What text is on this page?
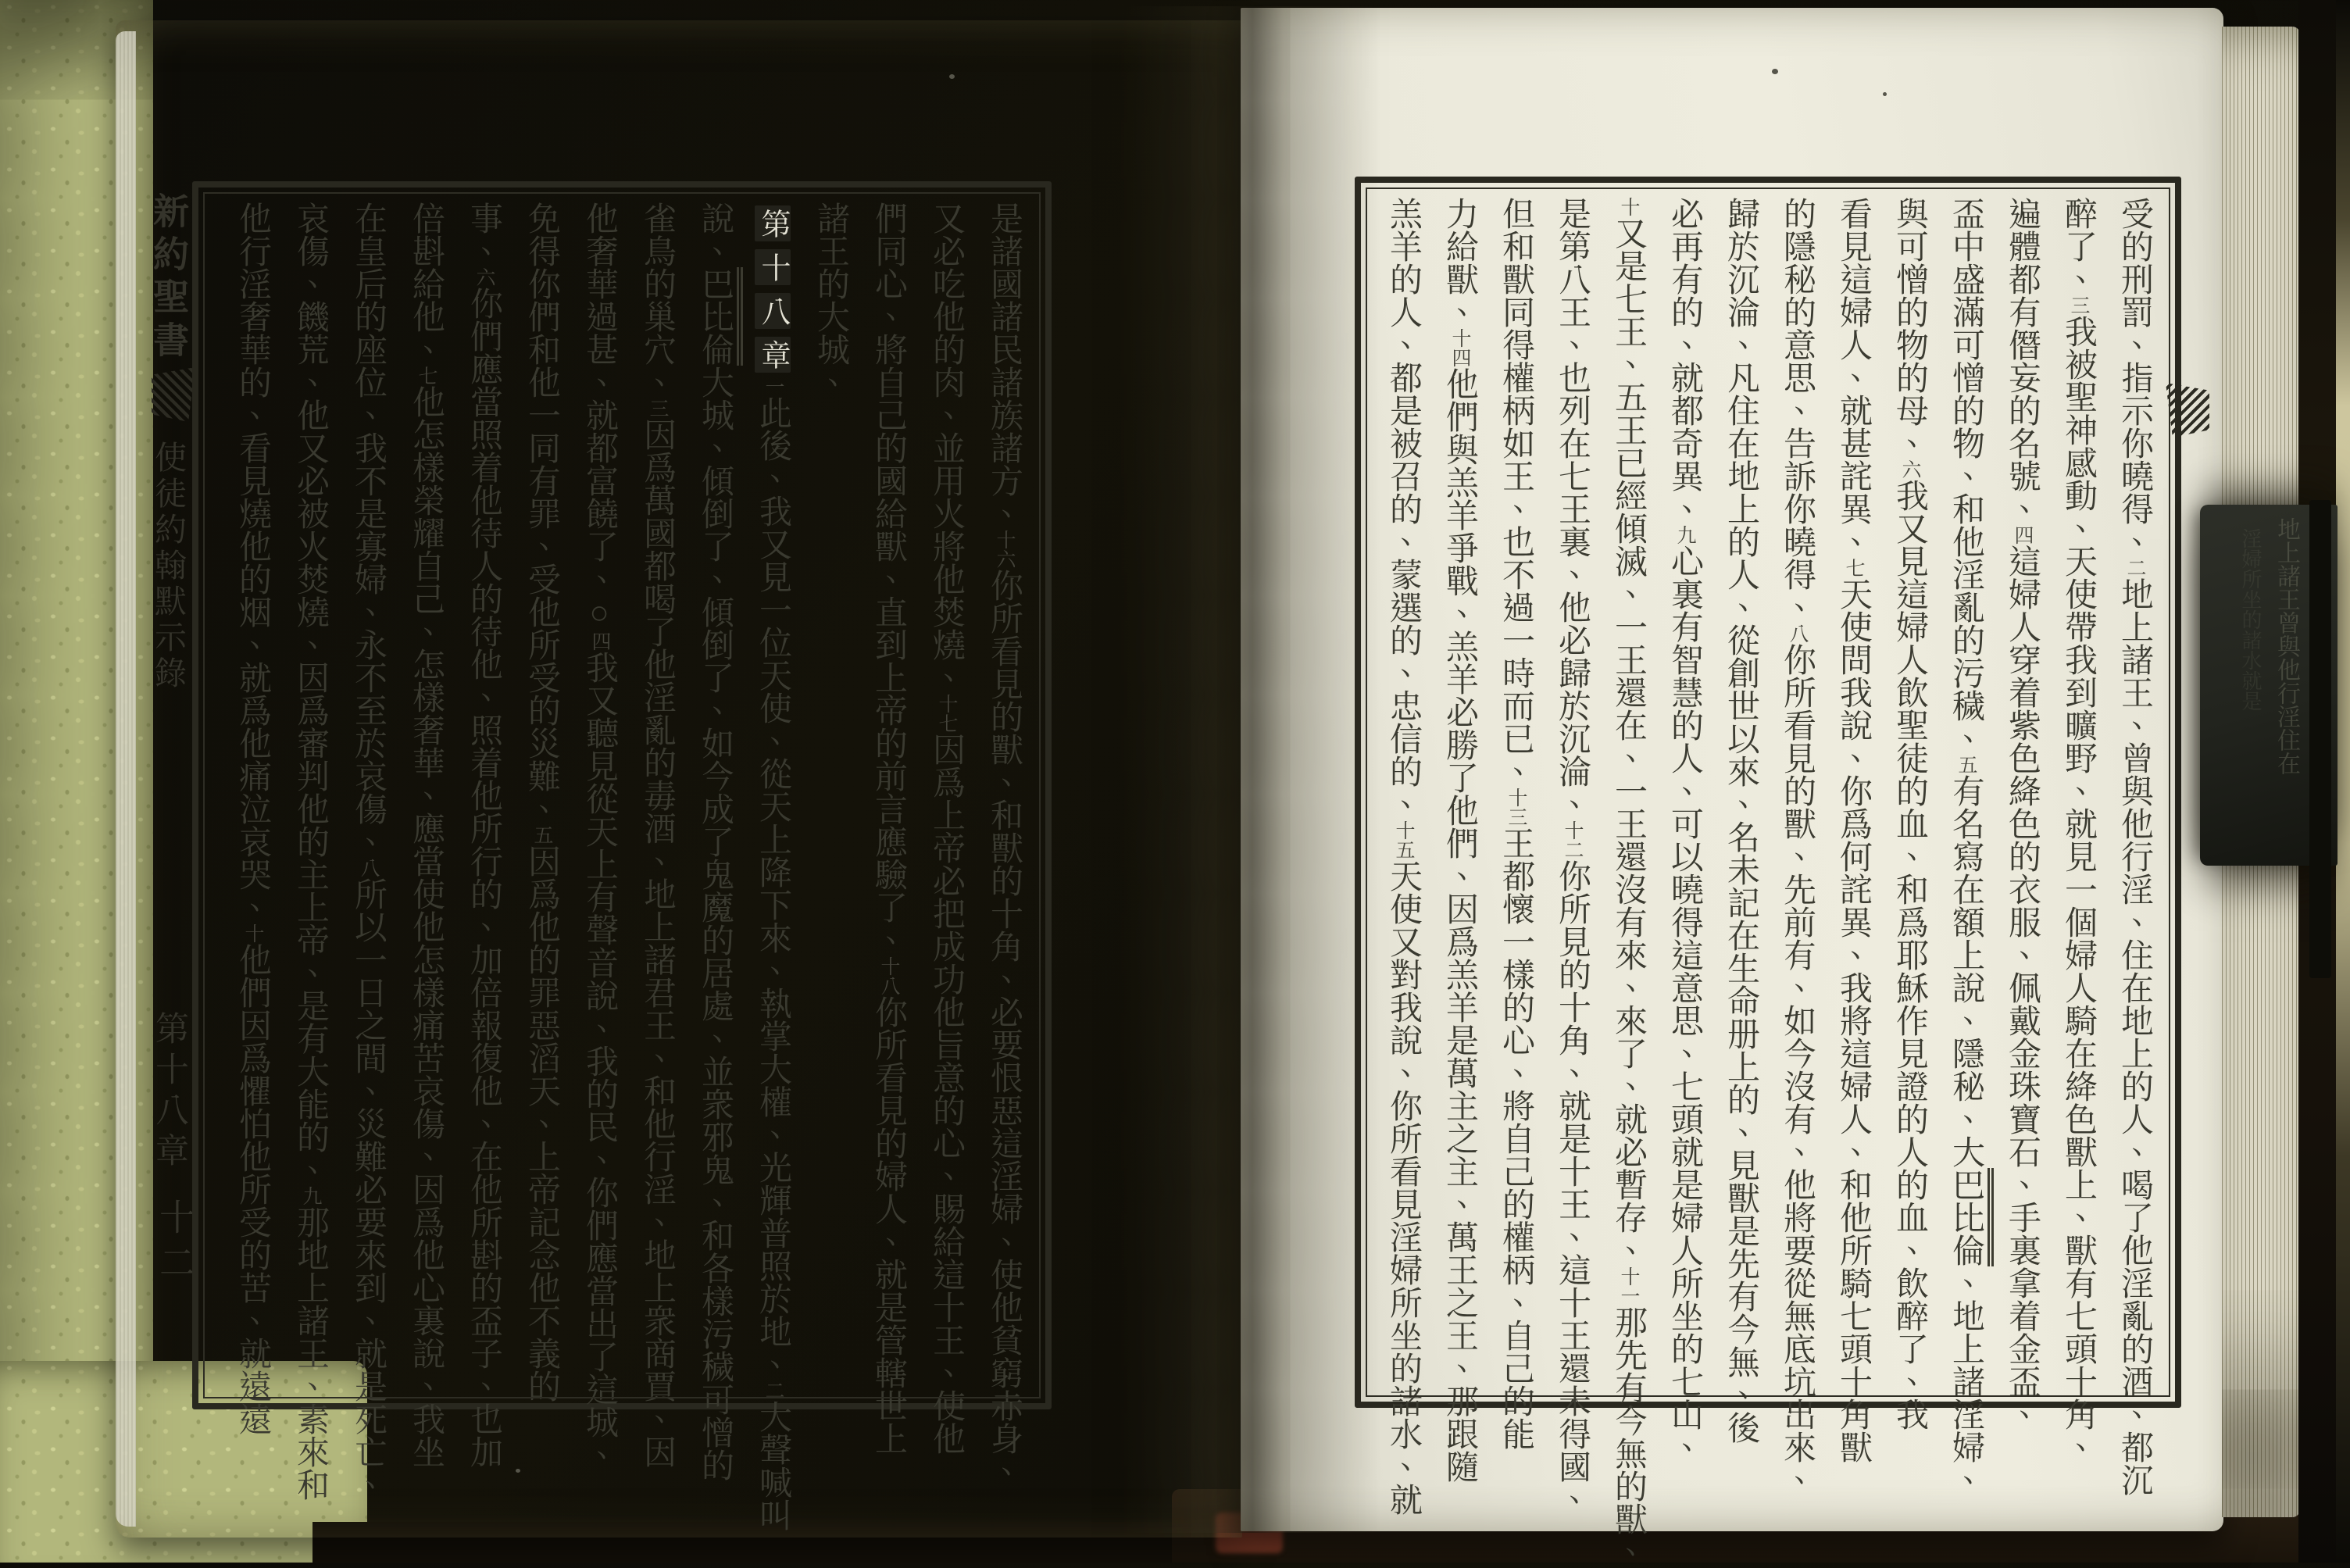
新約聖書
使徒約翰默示錄
第十八章
十二
是諸國諸民諸族諸方、十六你所看見的獸、和獸的十角、必要恨惡這淫婦、使他貧窮赤身、
又必吃他的肉、並用火將他焚燒、十七因爲上帝必把成功他旨意的心、賜給這十王、使他
們同心、將自己的國給獸、直到上帝的前言應驗了、十八你所看見的婦人、就是管轄世上
諸王的大城、
第十八章一此後、我又見一位天使、從天上降下來、執掌大權、光輝普照於地、二大聲喊叫
說、巴比倫大城、傾倒了、傾倒了、如今成了鬼魔的居處、並衆邪鬼、和各樣污穢可憎的
雀鳥的巢穴、三因爲萬國都喝了他淫亂的毒酒、地上諸君王、和他行淫、地上衆商賈、因
他奢華過甚、就都富饒了、○四我又聽見從天上有聲音說、我的民、你們應當出了這城、
免得你們和他一同有罪、受他所受的災難、五因爲他的罪惡滔天、上帝記念他不義的
事、六你們應當照着他待人的待他、照着他所行的、加倍報復他、在他所斟的盃子、也加
倍斟給他、七他怎樣榮耀自己、怎樣奢華、應當使他怎樣痛苦哀傷、因爲他心裏說、我坐
在皇后的座位、我不是寡婦、永不至於哀傷、八所以一日之間、災難必要來到、就是死亡、
哀傷、饑荒、他又必被火焚燒、因爲審判他的主上帝、是有大能的、九那地上諸王、素來和
他行淫奢華的、看見燒他的烟、就爲他痛泣哀哭、十他們因爲懼怕他所受的苦、就遠遠
受的刑罰、指示你曉得、二地上諸王、曾與他行淫、住在地上的人、喝了他淫亂的酒、都沉
醉了、三我被聖神感動、天使帶我到曠野、就見一個婦人騎在絳色獸上、獸有七頭十角、
遍體都有僭妄的名號、四這婦人穿着紫色絳色的衣服、佩戴金珠寶石、手裏拿着金盃、
盃中盛滿可憎的物、和他淫亂的污穢、五有名寫在額上說、隱秘、大巴比倫、地上諸淫婦、
與可憎的物的母、六我又見這婦人飲聖徒的血、和爲耶穌作見證的人的血、飲醉了、我
看見這婦人、就甚詫異、七天使問我說、你爲何詫異、我將這婦人、和他所騎七頭十角獸
的隱秘的意思、告訴你曉得、八你所看見的獸、先前有、如今沒有、他將要從無底坑出來、
歸於沉淪、凡住在地上的人、從創世以來、名未記在生命册上的、見獸是先有今無、後
必再有的、就都奇異、九心裏有智慧的人、可以曉得這意思、七頭就是婦人所坐的七山、
十又是七王、五王已經傾滅、一王還在、一王還沒有來、來了、就必暫存、十一那先有今無的獸、
是第八王、也列在七王裏、他必歸於沉淪、十二你所見的十角、就是十王、這十王還未得國、
但和獸同得權柄如王、也不過一時而已、十三王都懷一樣的心、將自己的權柄、自己的能
力給獸、十四他們與羔羊爭戰、羔羊必勝了他們、因爲羔羊是萬主之主、萬王之王、那跟隨
羔羊的人、都是被召的、蒙選的、忠信的、十五天使又對我說、你所看見淫婦所坐的諸水、就
地上諸王曾與他行淫住在
淫婦所坐的諸水就是
